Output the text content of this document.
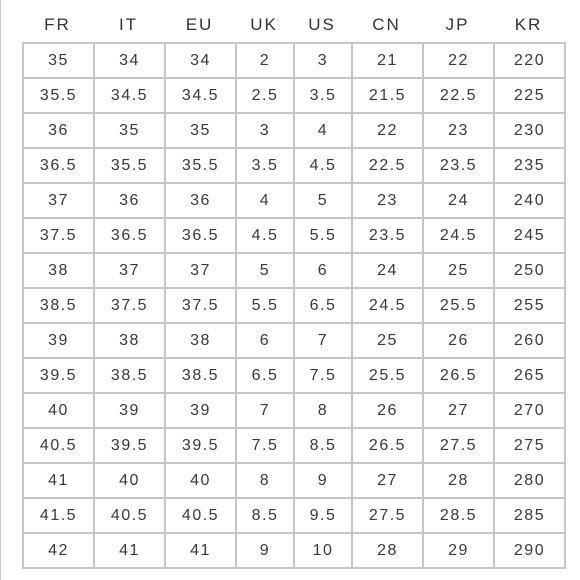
FR	IT	EU	UK	US	CN	JP	KR
35	34	34	2	3	21	22	220
35.5	34.5	34.5	2.5	3.5	21.5	22.5	225
36	35	35	3	4	22	23	230
36.5	35.5	35.5	3.5	4.5	22.5	23.5	235
37	36	36	4	5	23	24	240
37.5	36.5	36.5	4.5	5.5	23.5	24.5	245
38	37	37	5	6	24	25	250
38.5	37.5	37.5	5.5	6.5	24.5	25.5	255
39	38	38	6	7	25	26	260
39.5	38.5	38.5	6.5	7.5	25.5	26.5	265
40	39	39	7	8	26	27	270
40.5	39.5	39.5	7.5	8.5	26.5	27.5	275
41	40	40	8	9	27	28	280
41.5	40.5	40.5	8.5	9.5	27.5	28.5	285
42	41	41	9	10	28	29	290
